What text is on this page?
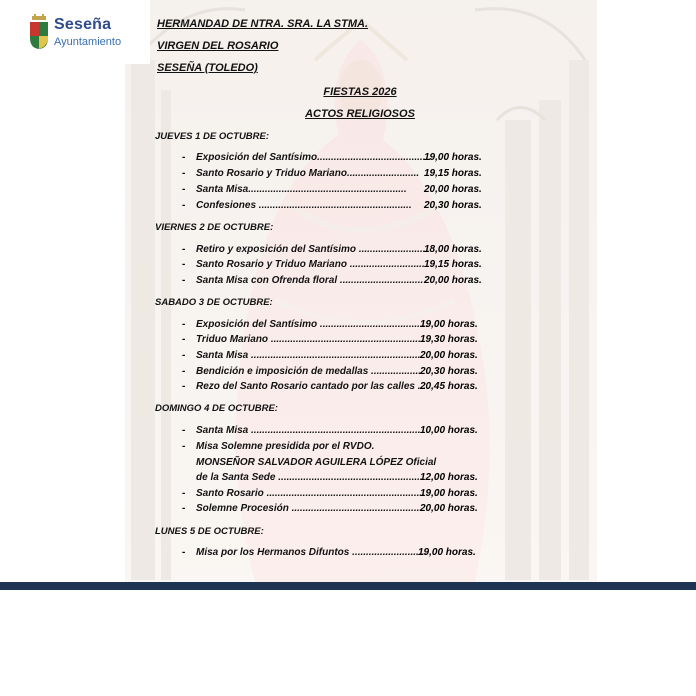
Seseña
Ayuntamiento
HERMANDAD DE NTRA. SRA. LA STMA.
VIRGEN DEL ROSARIO
SESEÑA (TOLEDO)
FIESTAS 2026
ACTOS RELIGIOSOS
JUEVES 1 DE OCTUBRE:
- Exposición del Santísimo.........................................
19,00 horas.
- Santo Rosario y Triduo Mariano.......................... 19,15 horas.
- Santa Misa......................................................... 20,00 horas.
- Confesiones ....................................................... 20,30 horas.
VIERNES 2 DE OCTUBRE:
- Retiro y exposición del Santísimo .........................
18,00 horas.
- Santo Rosario y Triduo Mariano ........................... 19,15 horas.
- Santa Misa con Ofrenda floral .............................. 20,00 horas.
SABADO 3 DE OCTUBRE:
- Exposición del Santísimo .......................................
19,00 horas.
- Triduo Mariano .......................................................
19,30 horas.
- Santa Misa ............................................................. 20,00 horas.
- Bendición e imposición de medallas ..................
20,30 horas.
- Rezo del Santo Rosario cantado por las calles ...
20,45 horas.
DOMINGO 4 DE OCTUBRE:
- Santa Misa ............................................................. 10,00 horas.
- Misa Solemne presidida por el RVDO.
MONSEÑOR SALVADOR AGUILERA LÓPEZ Oficial
de la Santa Sede ....................................................
12,00 horas.
- Santo Rosario .........................................................
19,00 horas.
- Solemne Procesión ...............................................
20,00 horas.
LUNES 5 DE OCTUBRE:
- Misa por los Hermanos Difuntos ...........................
19,00 horas.
